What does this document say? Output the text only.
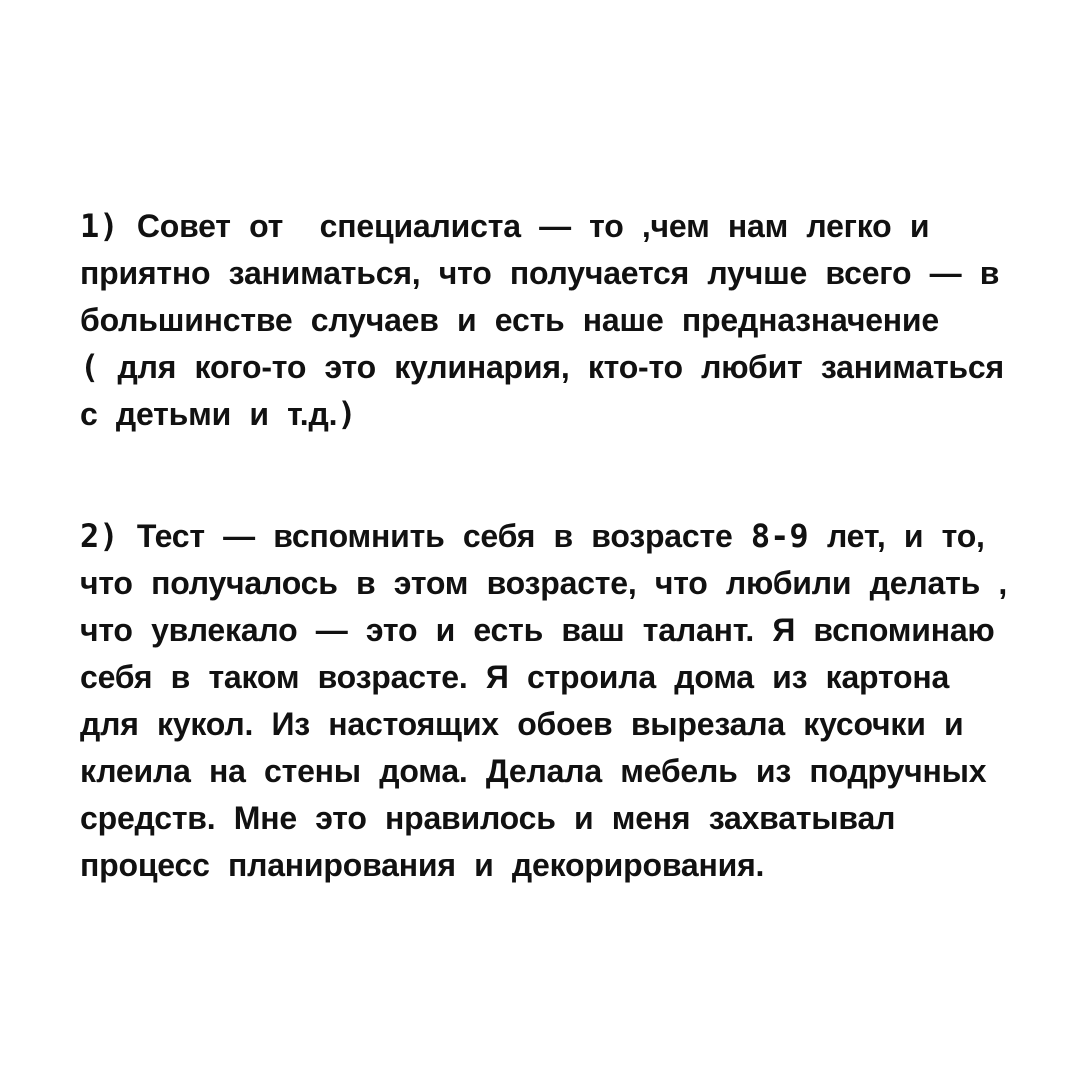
1) Совет от  специалиста — то ,чем нам легко и
приятно заниматься, что получается лучше всего — в
большинстве случаев и есть наше предназначение
( для кого-то это кулинария, кто-то любит заниматься
с детьми и т.д.)
2) Тест — вспомнить себя в возрасте 8-9 лет, и то,
что получалось в этом возрасте, что любили делать ,
что увлекало — это и есть ваш талант. Я вспоминаю
себя в таком возрасте. Я строила дома из картона
для кукол. Из настоящих обоев вырезала кусочки и
клеила на стены дома. Делала мебель из подручных
средств. Мне это нравилось и меня захватывал
процесс планирования и декорирования.
